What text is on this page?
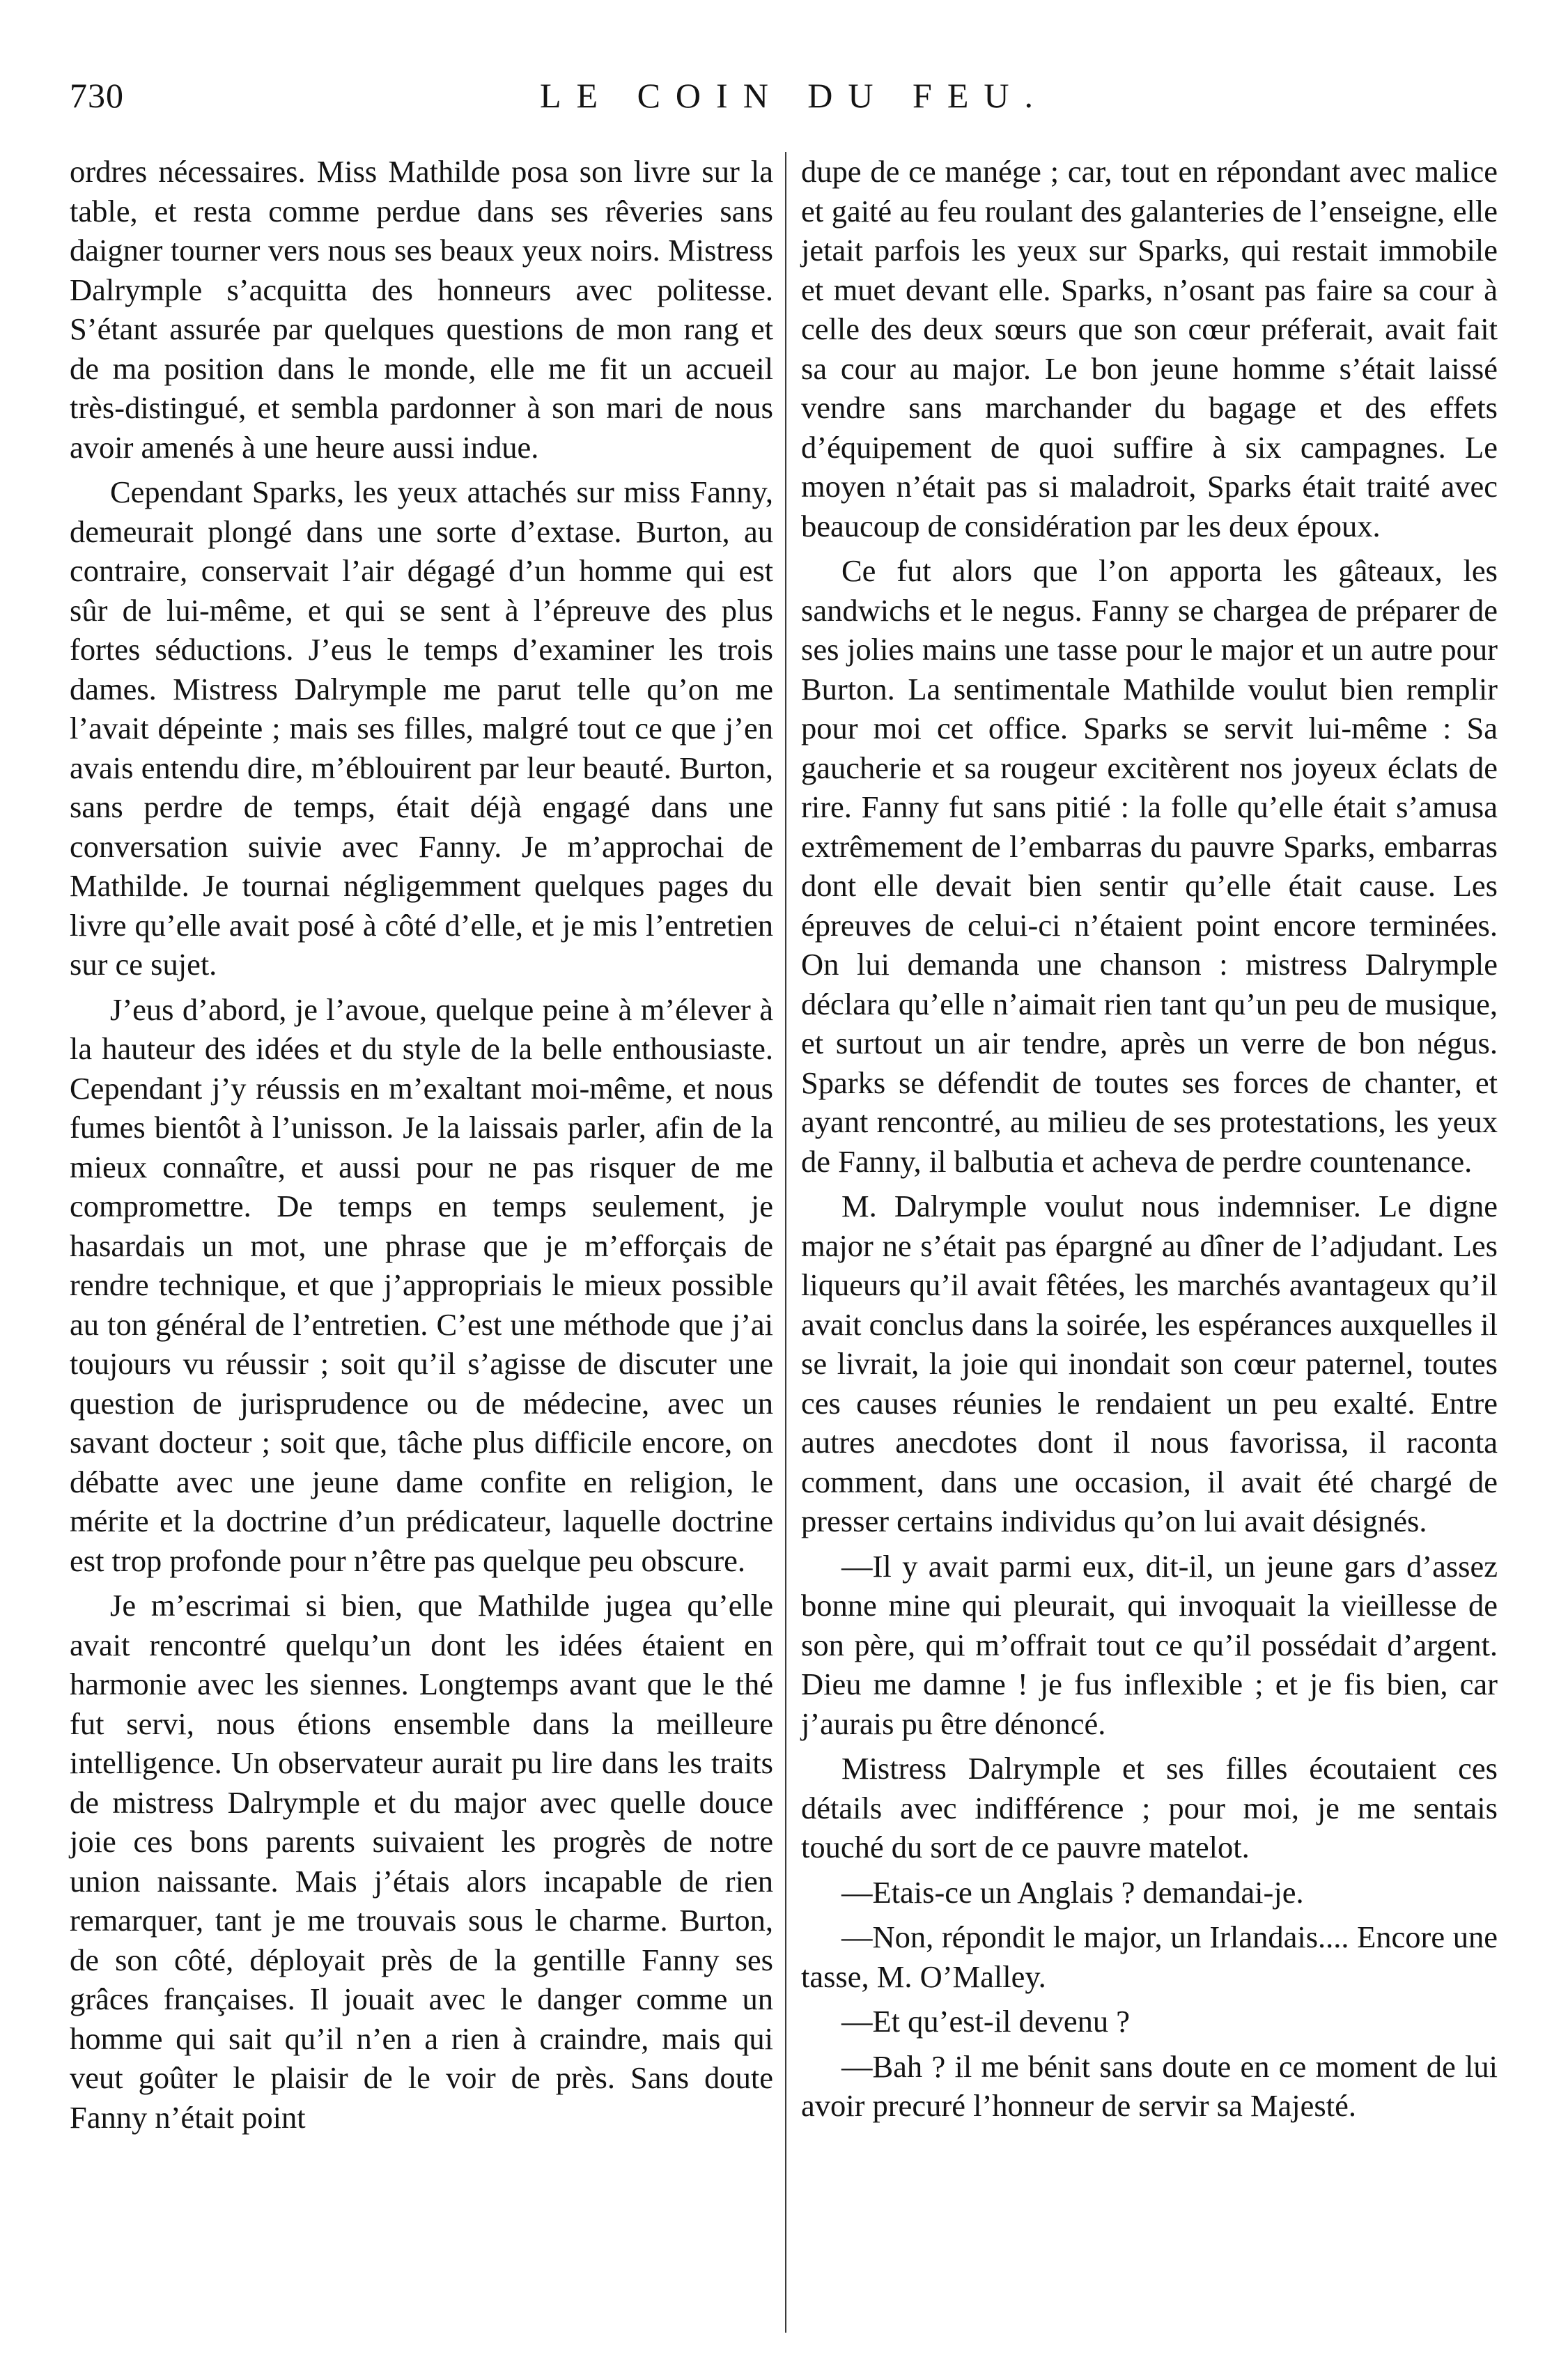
730	LE COIN DU FEU.

ordres nécessaires. Miss Mathilde posa son livre sur la table, et resta comme perdue dans ses rêveries sans daigner tourner vers nous ses beaux yeux noirs. Mistress Dalrymple s’acquitta des honneurs avec politesse. S’étant assurée par quelques questions de mon rang et de ma position dans le monde, elle me fit un accueil très-distingué, et sembla pardonner à son mari de nous avoir amenés à une heure aussi indue.

Cependant Sparks, les yeux attachés sur miss Fanny, demeurait plongé dans une sorte d’extase. Burton, au contraire, conservait l’air dégagé d’un homme qui est sûr de lui-même, et qui se sent à l’épreuve des plus fortes séductions. J’eus le temps d’examiner les trois dames. Mistress Dalrymple me parut telle qu’on me l’avait dépeinte ; mais ses filles, malgré tout ce que j’en avais entendu dire, m’éblouirent par leur beauté. Burton, sans perdre de temps, était déjà engagé dans une conversation suivie avec Fanny. Je m’approchai de Mathilde. Je tournai négligemment quelques pages du livre qu’elle avait posé à côté d’elle, et je mis l’entretien sur ce sujet.

J’eus d’abord, je l’avoue, quelque peine à m’élever à la hauteur des idées et du style de la belle enthousiaste. Cependant j’y réussis en m’exaltant moi-même, et nous fumes bientôt à l’unisson. Je la laissais parler, afin de la mieux connaître, et aussi pour ne pas risquer de me compromettre. De temps en temps seulement, je hasardais un mot, une phrase que je m’efforçais de rendre technique, et que j’appropriais le mieux possible au ton général de l’entretien. C’est une méthode que j’ai toujours vu réussir ; soit qu’il s’agisse de discuter une question de jurisprudence ou de médecine, avec un savant docteur ; soit que, tâche plus difficile encore, on débatte avec une jeune dame confite en religion, le mérite et la doctrine d’un prédicateur, laquelle doctrine est trop profonde pour n’être pas quelque peu obscure.

Je m’escrimai si bien, que Mathilde jugea qu’elle avait rencontré quelqu’un dont les idées étaient en harmonie avec les siennes. Longtemps avant que le thé fut servi, nous étions ensemble dans la meilleure intelligence. Un observateur aurait pu lire dans les traits de mistress Dalrymple et du major avec quelle douce joie ces bons parents suivaient les progrès de notre union naissante. Mais j’étais alors incapable de rien remarquer, tant je me trouvais sous le charme. Burton, de son côté, déployait près de la gentille Fanny ses grâces françaises. Il jouait avec le danger comme un homme qui sait qu’il n’en a rien à craindre, mais qui veut goûter le plaisir de le voir de près. Sans doute Fanny n’était point

dupe de ce manége ; car, tout en répondant avec malice et gaité au feu roulant des galanteries de l’enseigne, elle jetait parfois les yeux sur Sparks, qui restait immobile et muet devant elle. Sparks, n’osant pas faire sa cour à celle des deux sœurs que son cœur préferait, avait fait sa cour au major. Le bon jeune homme s’était laissé vendre sans marchander du bagage et des effets d’équipement de quoi suffire à six campagnes. Le moyen n’était pas si maladroit, Sparks était traité avec beaucoup de considération par les deux époux.

Ce fut alors que l’on apporta les gâteaux, les sandwichs et le negus. Fanny se chargea de préparer de ses jolies mains une tasse pour le major et un autre pour Burton. La sentimentale Mathilde voulut bien remplir pour moi cet office. Sparks se servit lui-même : Sa gaucherie et sa rougeur excitèrent nos joyeux éclats de rire. Fanny fut sans pitié : la folle qu’elle était s’amusa extrêmement de l’embarras du pauvre Sparks, embarras dont elle devait bien sentir qu’elle était cause. Les épreuves de celui-ci n’étaient point encore terminées. On lui demanda une chanson : mistress Dalrymple déclara qu’elle n’aimait rien tant qu’un peu de musique, et surtout un air tendre, après un verre de bon négus. Sparks se défendit de toutes ses forces de chanter, et ayant rencontré, au milieu de ses protestations, les yeux de Fanny, il balbutia et acheva de perdre countenance.

M. Dalrymple voulut nous indemniser. Le digne major ne s’était pas épargné au dîner de l’adjudant. Les liqueurs qu’il avait fêtées, les marchés avantageux qu’il avait conclus dans la soirée, les espérances auxquelles il se livrait, la joie qui inondait son cœur paternel, toutes ces causes réunies le rendaient un peu exalté. Entre autres anecdotes dont il nous favorissa, il raconta comment, dans une occasion, il avait été chargé de presser certains individus qu’on lui avait désignés.

—Il y avait parmi eux, dit-il, un jeune gars d’assez bonne mine qui pleurait, qui invoquait la vieillesse de son père, qui m’offrait tout ce qu’il possédait d’argent. Dieu me damne ! je fus inflexible ; et je fis bien, car j’aurais pu être dénoncé.

Mistress Dalrymple et ses filles écoutaient ces détails avec indifférence ; pour moi, je me sentais touché du sort de ce pauvre matelot.

—Etais-ce un Anglais ? demandai-je.

—Non, répondit le major, un Irlandais.... Encore une tasse, M. O’Malley.

—Et qu’est-il devenu ?

—Bah ? il me bénit sans doute en ce moment de lui avoir precuré l’honneur de servir sa Majesté.
